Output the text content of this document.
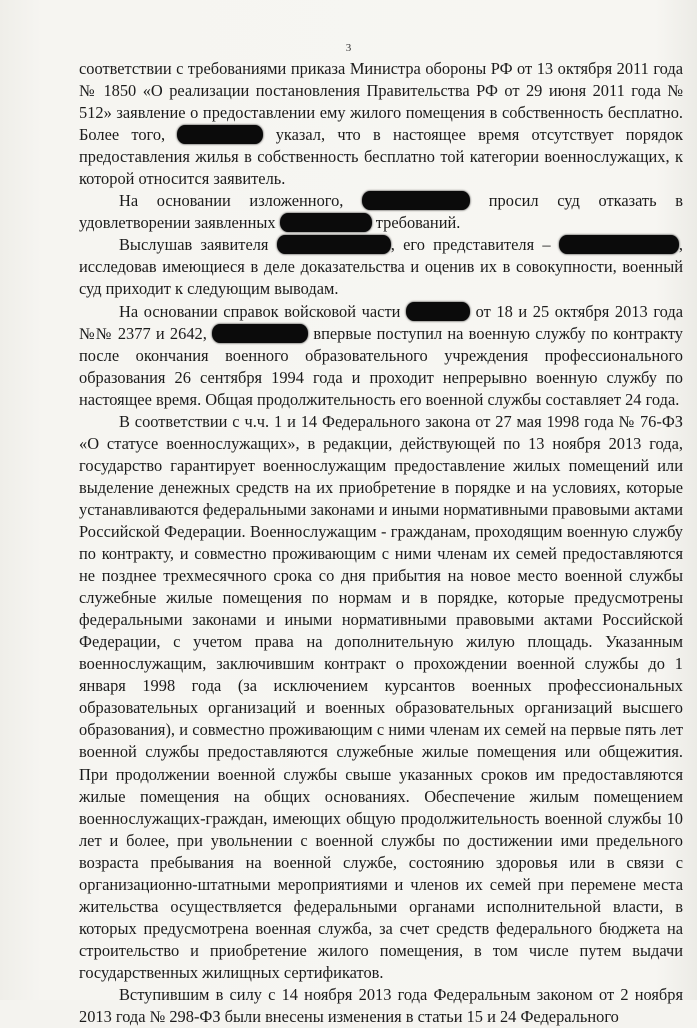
3

соответствии с требованиями приказа Министра обороны РФ от 13 октября 2011 года № 1850 «О реализации постановления Правительства РФ от 29 июня 2011 года № 512» заявление о предоставлении ему жилого помещения в собственность бесплатно. Более того,	указал, что в настоящее время отсутствует порядок предоставления жилья в собственность бесплатно той категории военнослужащих, к которой относится заявитель.

На основании изложенного,	просил суд отказать в удовлетворении заявленных	требований.

Выслушав заявителя	, его представителя –	, исследовав имеющиеся в деле доказательства и оценив их в совокупности, военный суд приходит к следующим выводам.

На основании справок войсковой части	от 18 и 25 октября 2013 года №№ 2377 и 2642,	впервые поступил на военную службу по контракту после окончания военного образовательного учреждения профессионального образования 26 сентября 1994 года и проходит непрерывно военную службу по настоящее время. Общая продолжительность его военной службы составляет 24 года.

В соответствии с ч.ч. 1 и 14 Федерального закона от 27 мая 1998 года № 76-ФЗ «О статусе военнослужащих», в редакции, действующей по 13 ноября 2013 года, государство гарантирует военнослужащим предоставление жилых помещений или выделение денежных средств на их приобретение в порядке и на условиях, которые устанавливаются федеральными законами и иными нормативными правовыми актами Российской Федерации. Военнослужащим - гражданам, проходящим военную службу по контракту, и совместно проживающим с ними членам их семей предоставляются не позднее трехмесячного срока со дня прибытия на новое место военной службы служебные жилые помещения по нормам и в порядке, которые предусмотрены федеральными законами и иными нормативными правовыми актами Российской Федерации, с учетом права на дополнительную жилую площадь. Указанным военнослужащим, заключившим контракт о прохождении военной службы до 1 января 1998 года (за исключением курсантов военных профессиональных образовательных организаций и военных образовательных организаций высшего образования), и совместно проживающим с ними членам их семей на первые пять лет военной службы предоставляются служебные жилые помещения или общежития. При продолжении военной службы свыше указанных сроков им предоставляются жилые помещения на общих основаниях. Обеспечение жилым помещением военнослужащих-граждан, имеющих общую продолжительность военной службы 10 лет и более, при увольнении с военной службы по достижении ими предельного возраста пребывания на военной службе, состоянию здоровья или в связи с организационно-штатными мероприятиями и членов их семей при перемене места жительства осуществляется федеральными органами исполнительной власти, в которых предусмотрена военная служба, за счет средств федерального бюджета на строительство и приобретение жилого помещения, в том числе путем выдачи государственных жилищных сертификатов.

Вступившим в силу с 14 ноября 2013 года Федеральным законом от 2 ноября 2013 года № 298-ФЗ были внесены изменения в статьи 15 и 24 Федерального
